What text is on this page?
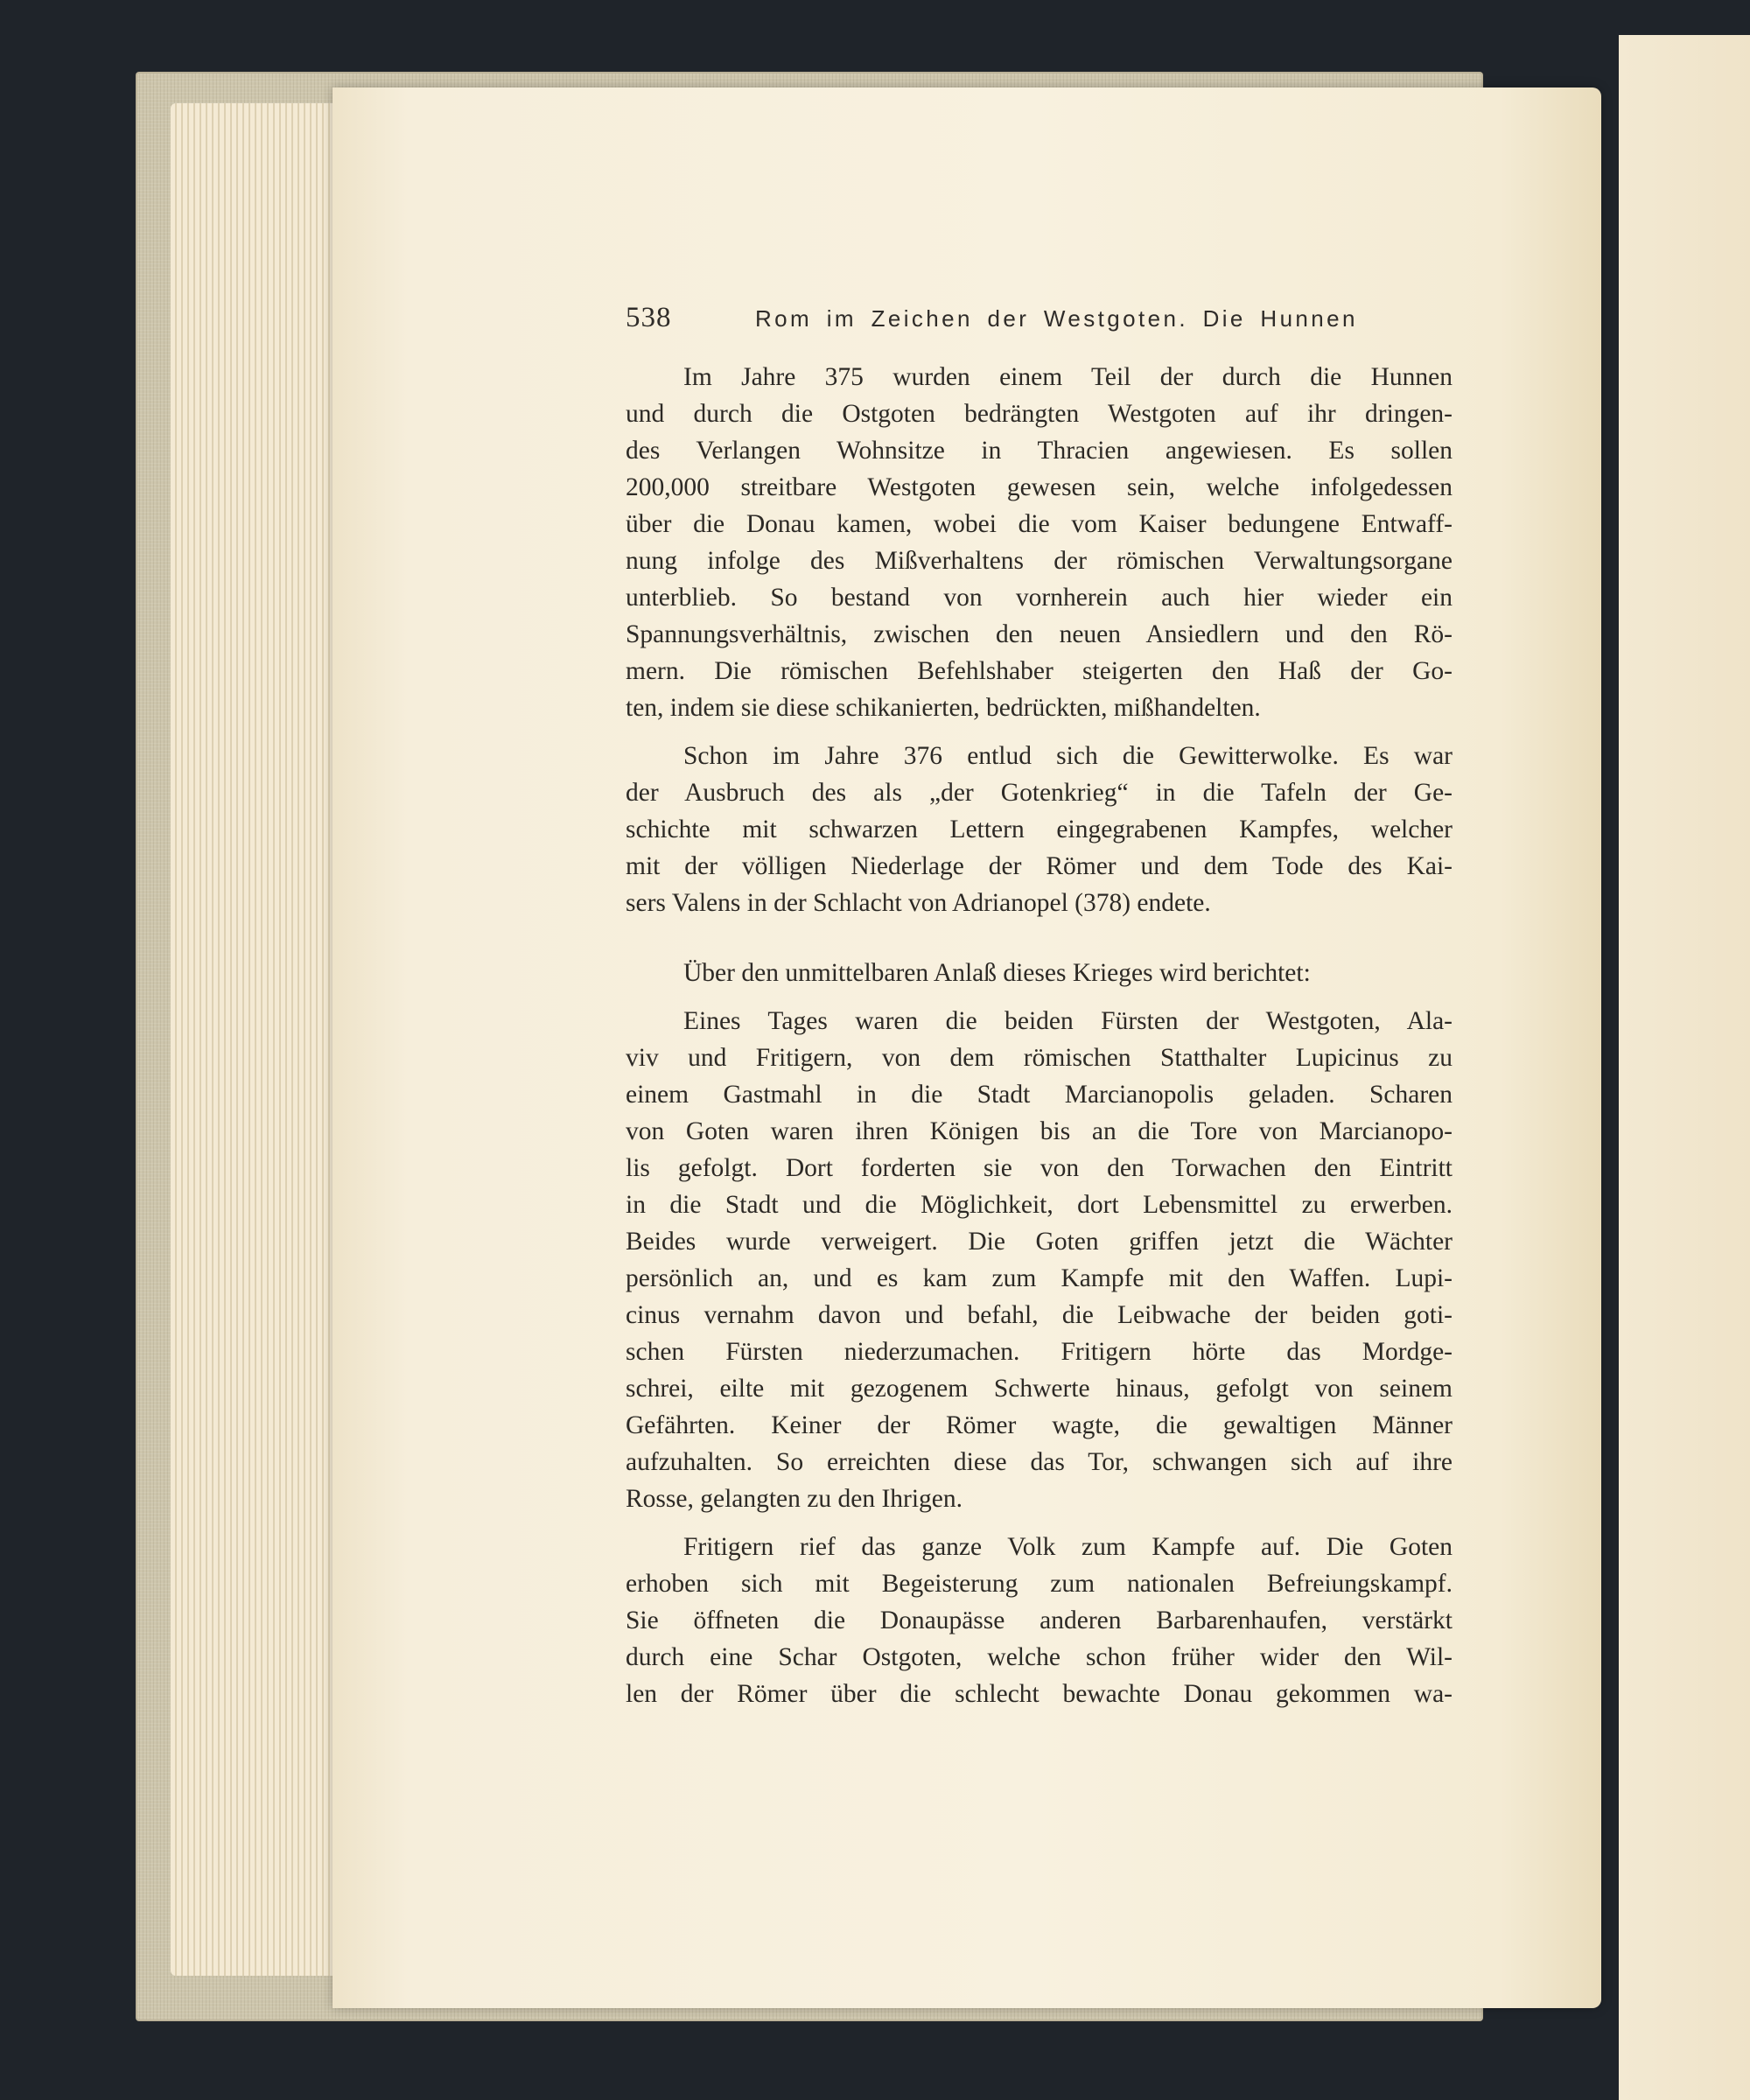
538	Rom im Zeichen der Westgoten. Die Hunnen
Im Jahre 375 wurden einem Teil der durch die Hunnen
und durch die Ostgoten bedrängten Westgoten auf ihr dringen-
des Verlangen Wohnsitze in Thracien angewiesen. Es sollen
200,000 streitbare Westgoten gewesen sein, welche infolgedessen
über die Donau kamen, wobei die vom Kaiser bedungene Entwaff-
nung infolge des Mißverhaltens der römischen Verwaltungsorgane
unterblieb. So bestand von vornherein auch hier wieder ein
Spannungsverhältnis, zwischen den neuen Ansiedlern und den Rö-
mern. Die römischen Befehlshaber steigerten den Haß der Go-
ten, indem sie diese schikanierten, bedrückten, mißhandelten.
Schon im Jahre 376 entlud sich die Gewitterwolke. Es war
der Ausbruch des als „der Gotenkrieg“ in die Tafeln der Ge-
schichte mit schwarzen Lettern eingegrabenen Kampfes, welcher
mit der völligen Niederlage der Römer und dem Tode des Kai-
sers Valens in der Schlacht von Adrianopel (378) endete.
Über den unmittelbaren Anlaß dieses Krieges wird berichtet:
Eines Tages waren die beiden Fürsten der Westgoten, Ala-
viv und Fritigern, von dem römischen Statthalter Lupicinus zu
einem Gastmahl in die Stadt Marcianopolis geladen. Scharen
von Goten waren ihren Königen bis an die Tore von Marcianopo-
lis gefolgt. Dort forderten sie von den Torwachen den Eintritt
in die Stadt und die Möglichkeit, dort Lebensmittel zu erwerben.
Beides wurde verweigert. Die Goten griffen jetzt die Wächter
persönlich an, und es kam zum Kampfe mit den Waffen. Lupi-
cinus vernahm davon und befahl, die Leibwache der beiden goti-
schen Fürsten niederzumachen. Fritigern hörte das Mordge-
schrei, eilte mit gezogenem Schwerte hinaus, gefolgt von seinem
Gefährten. Keiner der Römer wagte, die gewaltigen Männer
aufzuhalten. So erreichten diese das Tor, schwangen sich auf ihre
Rosse, gelangten zu den Ihrigen.
Fritigern rief das ganze Volk zum Kampfe auf. Die Goten
erhoben sich mit Begeisterung zum nationalen Befreiungskampf.
Sie öffneten die Donaupässe anderen Barbarenhaufen, verstärkt
durch eine Schar Ostgoten, welche schon früher wider den Wil-
len der Römer über die schlecht bewachte Donau gekommen wa-
